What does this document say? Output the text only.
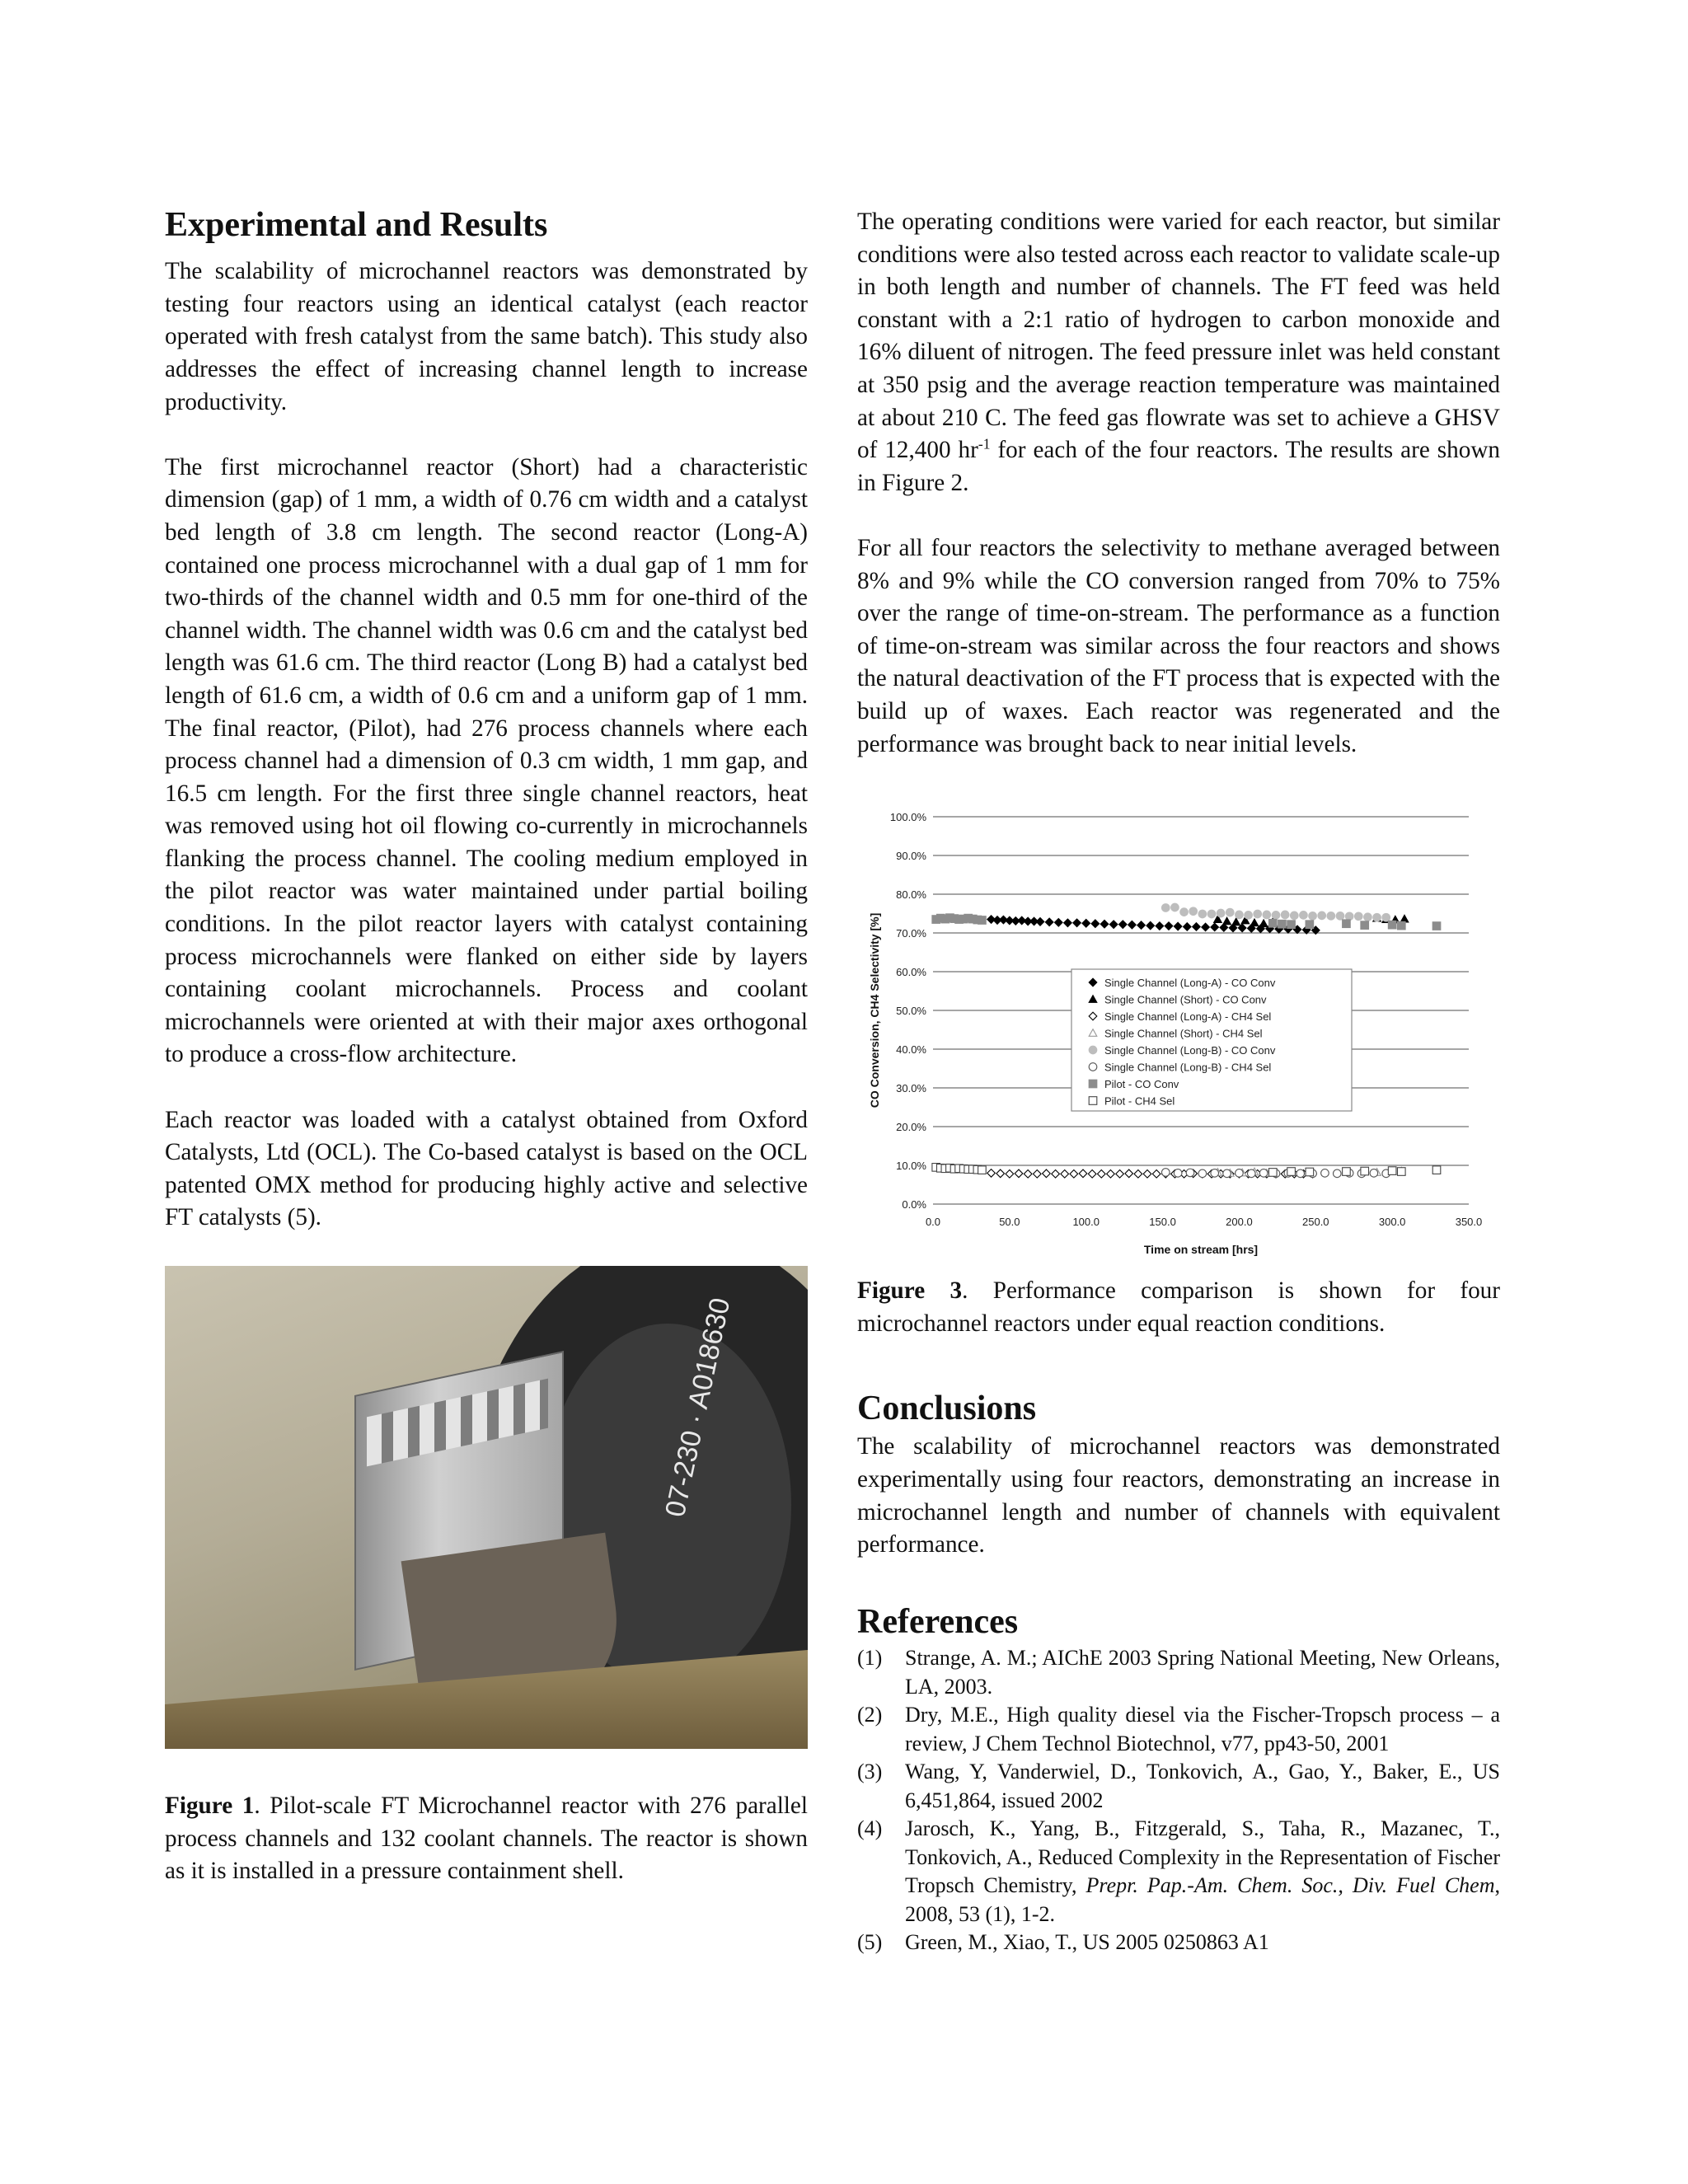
Experimental and Results

The scalability of microchannel reactors was demonstrated by testing four reactors using an identical catalyst (each reactor operated with fresh catalyst from the same batch). This study also addresses the effect of increasing channel length to increase productivity.

The first microchannel reactor (Short) had a characteristic dimension (gap) of 1 mm, a width of 0.76 cm width and a catalyst bed length of 3.8 cm length. The second reactor (Long-A) contained one process microchannel with a dual gap of 1 mm for two-thirds of the channel width and 0.5 mm for one-third of the channel width. The channel width was 0.6 cm and the catalyst bed length was 61.6 cm. The third reactor (Long B) had a catalyst bed length of 61.6 cm, a width of 0.6 cm and a uniform gap of 1 mm. The final reactor, (Pilot), had 276 process channels where each process channel had a dimension of 0.3 cm width, 1 mm gap, and 16.5 cm length. For the first three single channel reactors, heat was removed using hot oil flowing co-currently in microchannels flanking the process channel. The cooling medium employed in the pilot reactor was water maintained under partial boiling conditions. In the pilot reactor layers with catalyst containing process microchannels were flanked on either side by layers containing coolant microchannels. Process and coolant microchannels were oriented at with their major axes orthogonal to produce a cross-flow architecture.

Each reactor was loaded with a catalyst obtained from Oxford Catalysts, Ltd (OCL). The Co-based catalyst is based on the OCL patented OMX method for producing highly active and selective FT catalysts (5).

07-230 · A018630

Figure 1. Pilot-scale FT Microchannel reactor with 276 parallel process channels and 132 coolant channels. The reactor is shown as it is installed in a pressure containment shell.

The operating conditions were varied for each reactor, but similar conditions were also tested across each reactor to validate scale-up in both length and number of channels. The FT feed was held constant with a 2:1 ratio of hydrogen to carbon monoxide and 16% diluent of nitrogen. The feed pressure inlet was held constant at 350 psig and the average reaction temperature was maintained at about 210 C. The feed gas flowrate was set to achieve a GHSV of 12,400 $hr^{-1}$ for each of the four reactors. The results are shown in Figure 2.

For all four reactors the selectivity to methane averaged between 8% and 9% while the CO conversion ranged from 70% to 75% over the range of time-on-stream. The performance as a function of time-on-stream was similar across the four reactors and shows the natural deactivation of the FT process that is expected with the build up of waxes. Each reactor was regenerated and the performance was brought back to near initial levels.

0.0%
10.0%
20.0%
30.0%
40.0%
50.0%
60.0%
70.0%
80.0%
90.0%
100.0%
0.0	50.0	100.0	150.0	200.0	250.0	300.0	350.0
Time on stream [hrs]
CO Conversion, CH4 Selectivity [%]	Single Channel (Long-A) - CO Conv
Single Channel (Short) - CO Conv
Single Channel (Long-A) - CH4 Sel
Single Channel (Short) - CH4 Sel
Single Channel (Long-B) - CO Conv
Single Channel (Long-B) - CH4 Sel
Pilot - CO Conv
Pilot - CH4 Sel

Figure 3. Performance comparison is shown for four microchannel reactors under equal reaction conditions.

Conclusions

The scalability of microchannel reactors was demonstrated experimentally using four reactors, demonstrating an increase in microchannel length and number of channels with equivalent performance.

References
(1) Strange, A. M.; AIChE 2003 Spring National Meeting, New Orleans, LA, 2003.
(2) Dry, M.E., High quality diesel via the Fischer-Tropsch process – a review, J Chem Technol Biotechnol, v77, pp43-50, 2001
(3) Wang, Y, Vanderwiel, D., Tonkovich, A., Gao, Y., Baker, E., US 6,451,864, issued 2002
(4) Jarosch, K., Yang, B., Fitzgerald, S., Taha, R., Mazanec, T., Tonkovich, A., Reduced Complexity in the Representation of Fischer Tropsch Chemistry, Prepr. Pap.-Am. Chem. Soc., Div. Fuel Chem, 2008, 53 (1), 1-2.
(5) Green, M., Xiao, T., US 2005 0250863 A1
